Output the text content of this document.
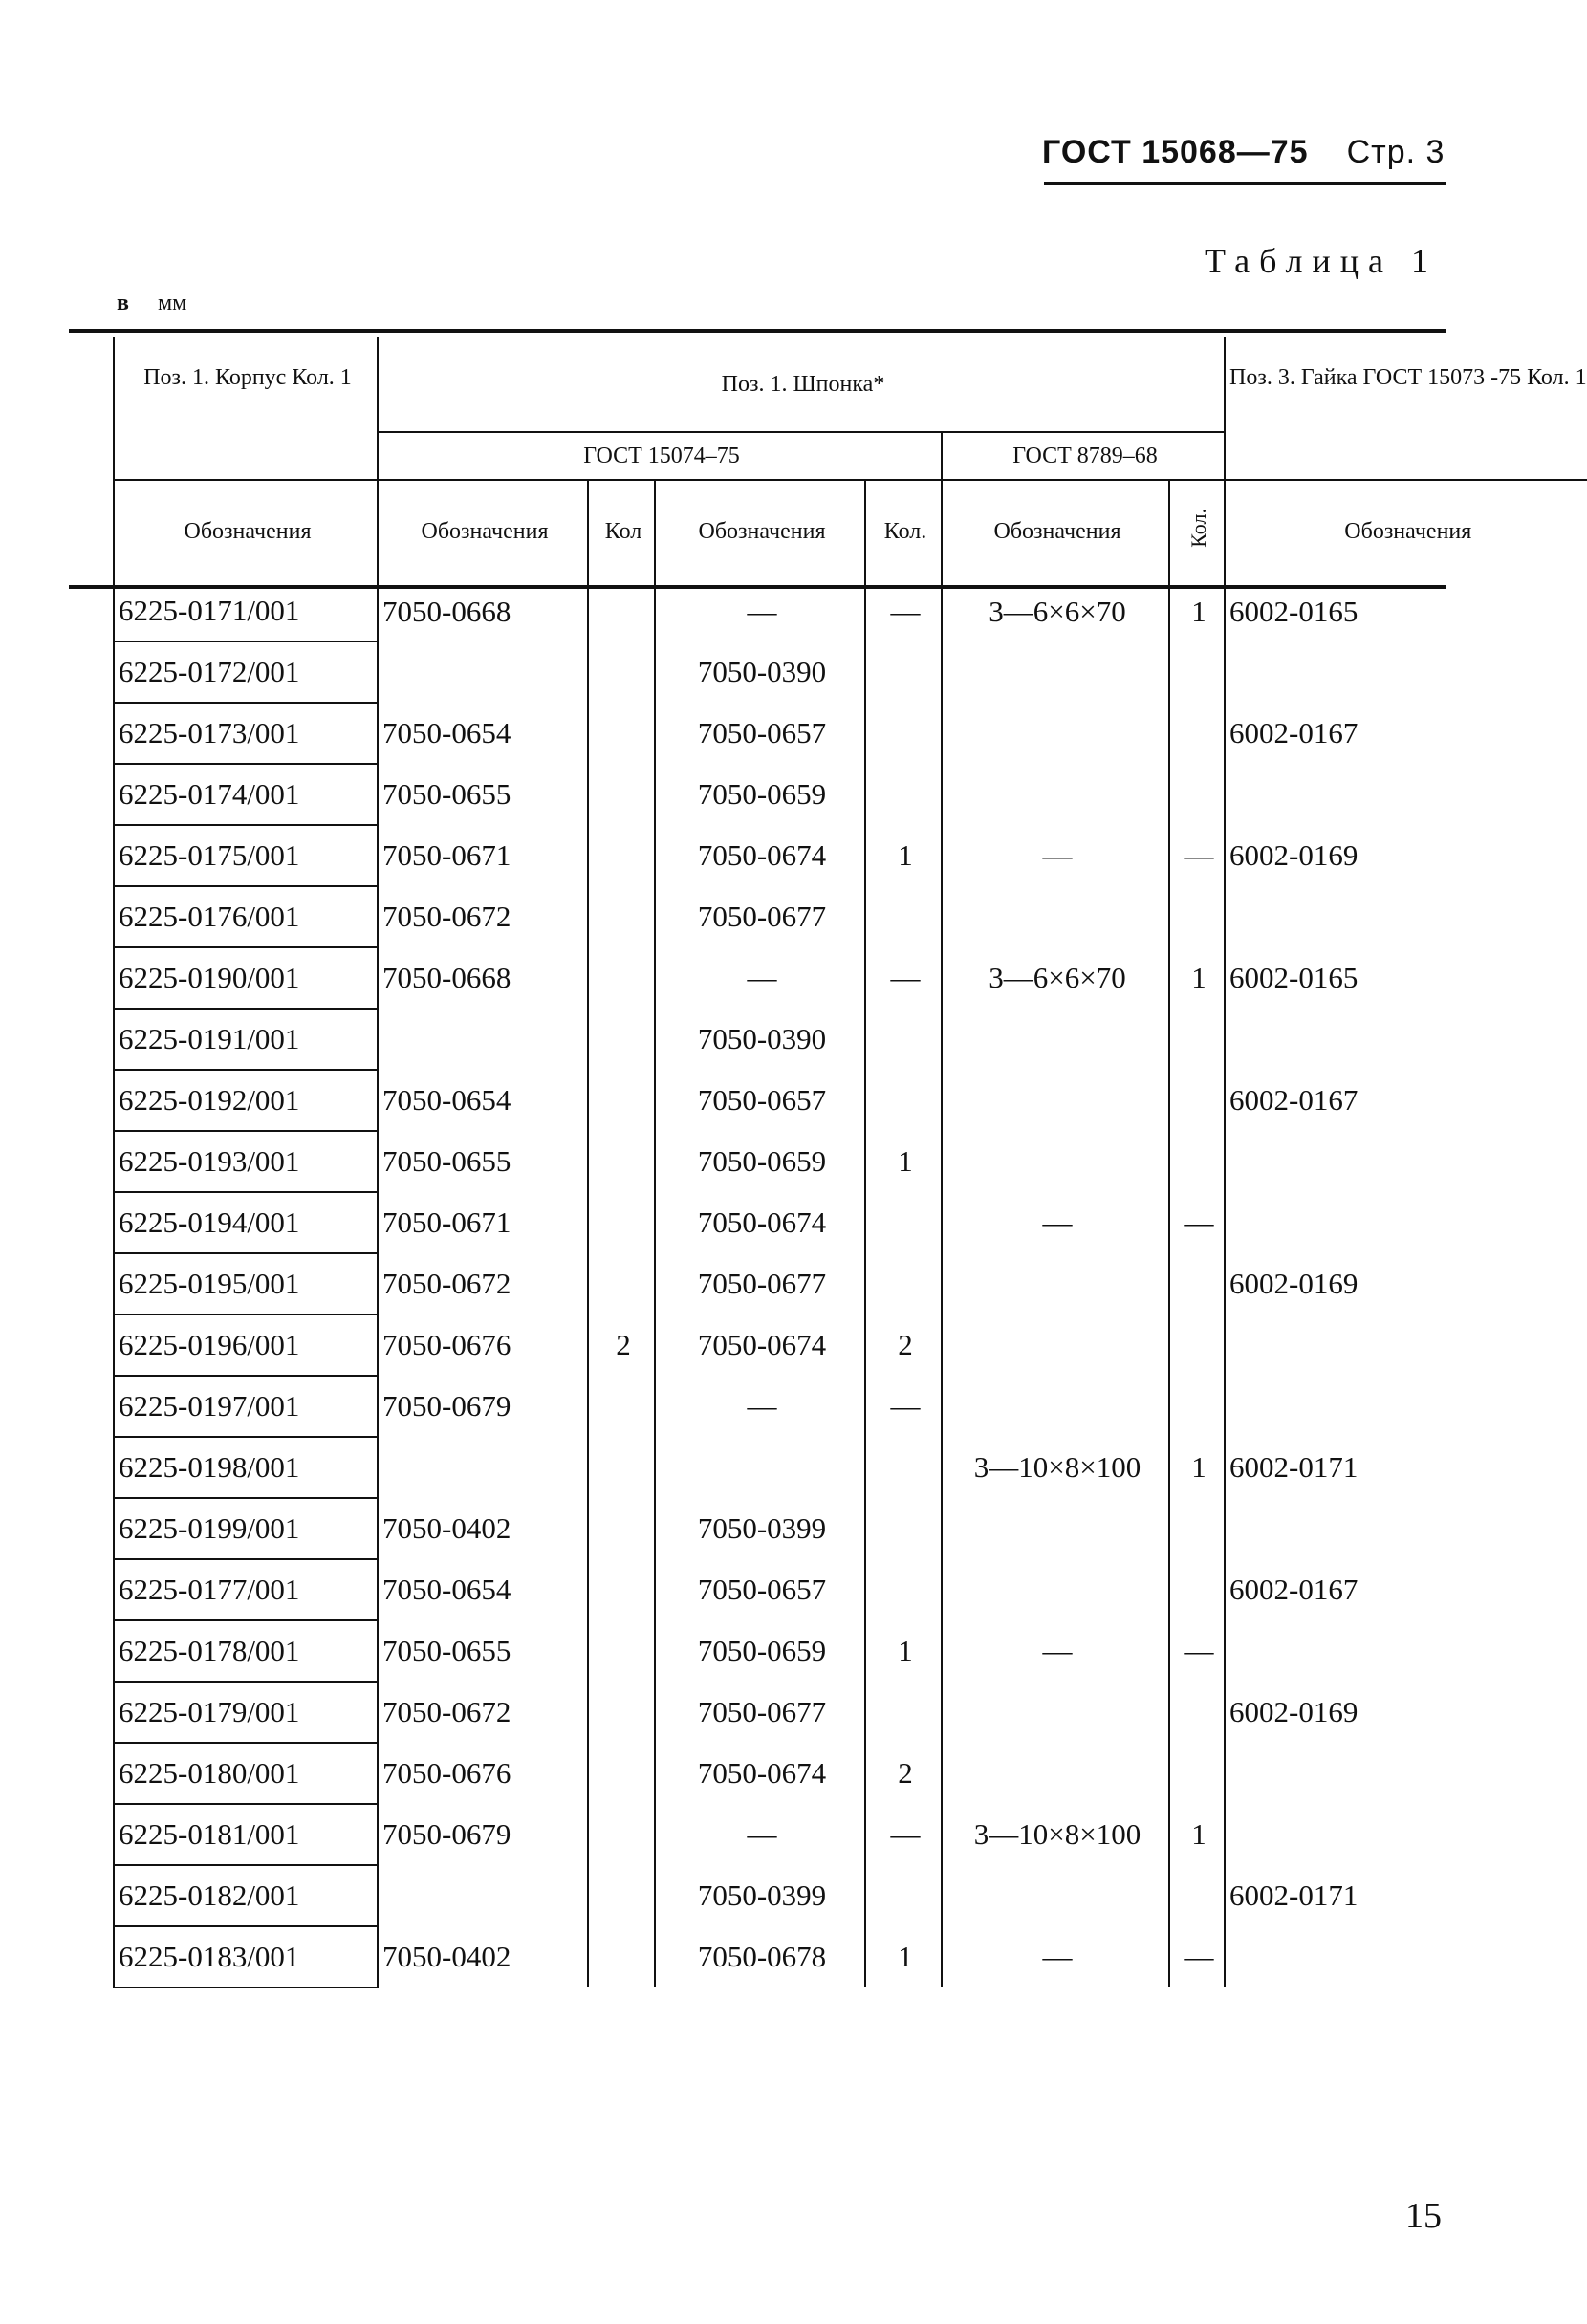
ГОСТ 15068—75 Стр. 3
Таблица 1
в мм
Поз. 1. Корпус Кол. 1	Поз. 1. Шпонка*						Поз. 3. Гайка ГОСТ 15073 -75 Кол. 1
	ГОСТ 15074–75				ГОСТ 8789–68		
Обозначения	Обозначения	Кол	Обозначения	Кол.	Обозначения	Кол.	Обозначения
6225-0171/001	7050-0668		—	—	3—6×6×70	1	6002-0165
6225-0172/001			7050-0390				
6225-0173/001	7050-0654		7050-0657				6002-0167
6225-0174/001	7050-0655		7050-0659				
6225-0175/001	7050-0671		7050-0674	1	—	—	6002-0169
6225-0176/001	7050-0672		7050-0677				
6225-0190/001	7050-0668		—	—	3—6×6×70	1	6002-0165
6225-0191/001			7050-0390				
6225-0192/001	7050-0654		7050-0657				6002-0167
6225-0193/001	7050-0655		7050-0659	1			
6225-0194/001	7050-0671		7050-0674		—	—	
6225-0195/001	7050-0672		7050-0677				6002-0169
6225-0196/001	7050-0676	2	7050-0674	2			
6225-0197/001	7050-0679		—	—			
6225-0198/001					3—10×8×100	1	6002-0171
6225-0199/001	7050-0402		7050-0399				
6225-0177/001	7050-0654		7050-0657				6002-0167
6225-0178/001	7050-0655		7050-0659	1	—	—	
6225-0179/001	7050-0672		7050-0677				6002-0169
6225-0180/001	7050-0676		7050-0674	2			
6225-0181/001	7050-0679		—	—	3—10×8×100	1	
6225-0182/001			7050-0399				6002-0171
6225-0183/001	7050-0402		7050-0678	1	—	—	
15
